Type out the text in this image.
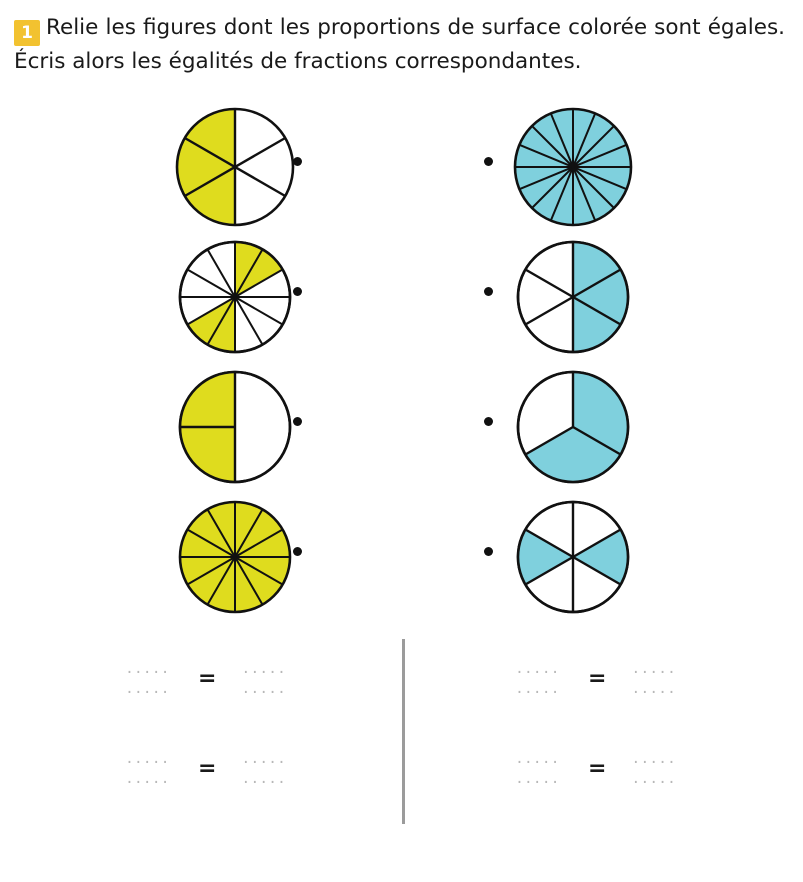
1 Relie les figures dont les proportions de surface colorée sont égales. Écris alors les égalités de fractions correspondantes.

..... .....	=	..... .....
..... .....	=	..... .....
..... .....	=	..... .....
..... .....	=	..... .....
